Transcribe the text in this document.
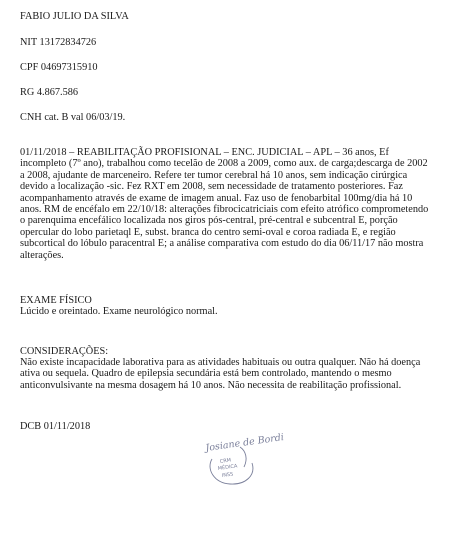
FABIO JULIO DA SILVA
NIT 13172834726
CPF 04697315910
RG 4.867.586
CNH cat. B val 06/03/19.
01/11/2018 – REABILITAÇÃO PROFISIONAL – ENC. JUDICIAL – APL – 36 anos, Ef
incompleto (7º ano), trabalhou como tecelão de 2008 a 2009, como aux. de carga;descarga de 2002
a 2008, ajudante de marceneiro. Refere ter tumor cerebral há 10 anos, sem indicação cirúrgica
devido a localização -sic. Fez RXT em 2008, sem necessidade de tratamento posteriores. Faz
acompanhamento através de exame de imagem anual. Faz uso de fenobarbital 100mg/dia há 10
anos. RM de encéfalo em 22/10/18: alterações fibrocicatriciais com efeito atrófico comprometendo
o parenquima encefálico localizada nos giros pós-central, pré-central e subcentral E, porção
opercular do lobo parietaql E, subst. branca do centro semi-oval e coroa radiada E, e região
subcortical do lóbulo paracentral E; a análise comparativa com estudo do dia 06/11/17 não mostra
alterações.
EXAME FÍSICO
Lúcido e oreintado. Exame neurológico normal.
CONSIDERAÇÕES:
Não existe incapacidade laborativa para as atividades habituais ou outra qualquer. Não há doença
ativa ou sequela. Quadro de epilepsia secundária está bem controlado, mantendo o mesmo
anticonvulsivante na mesma dosagem há 10 anos. Não necessita de reabilitação profissional.
DCB 01/11/2018
Josiane de Bordi
CRM
MÉDICA
INSS
